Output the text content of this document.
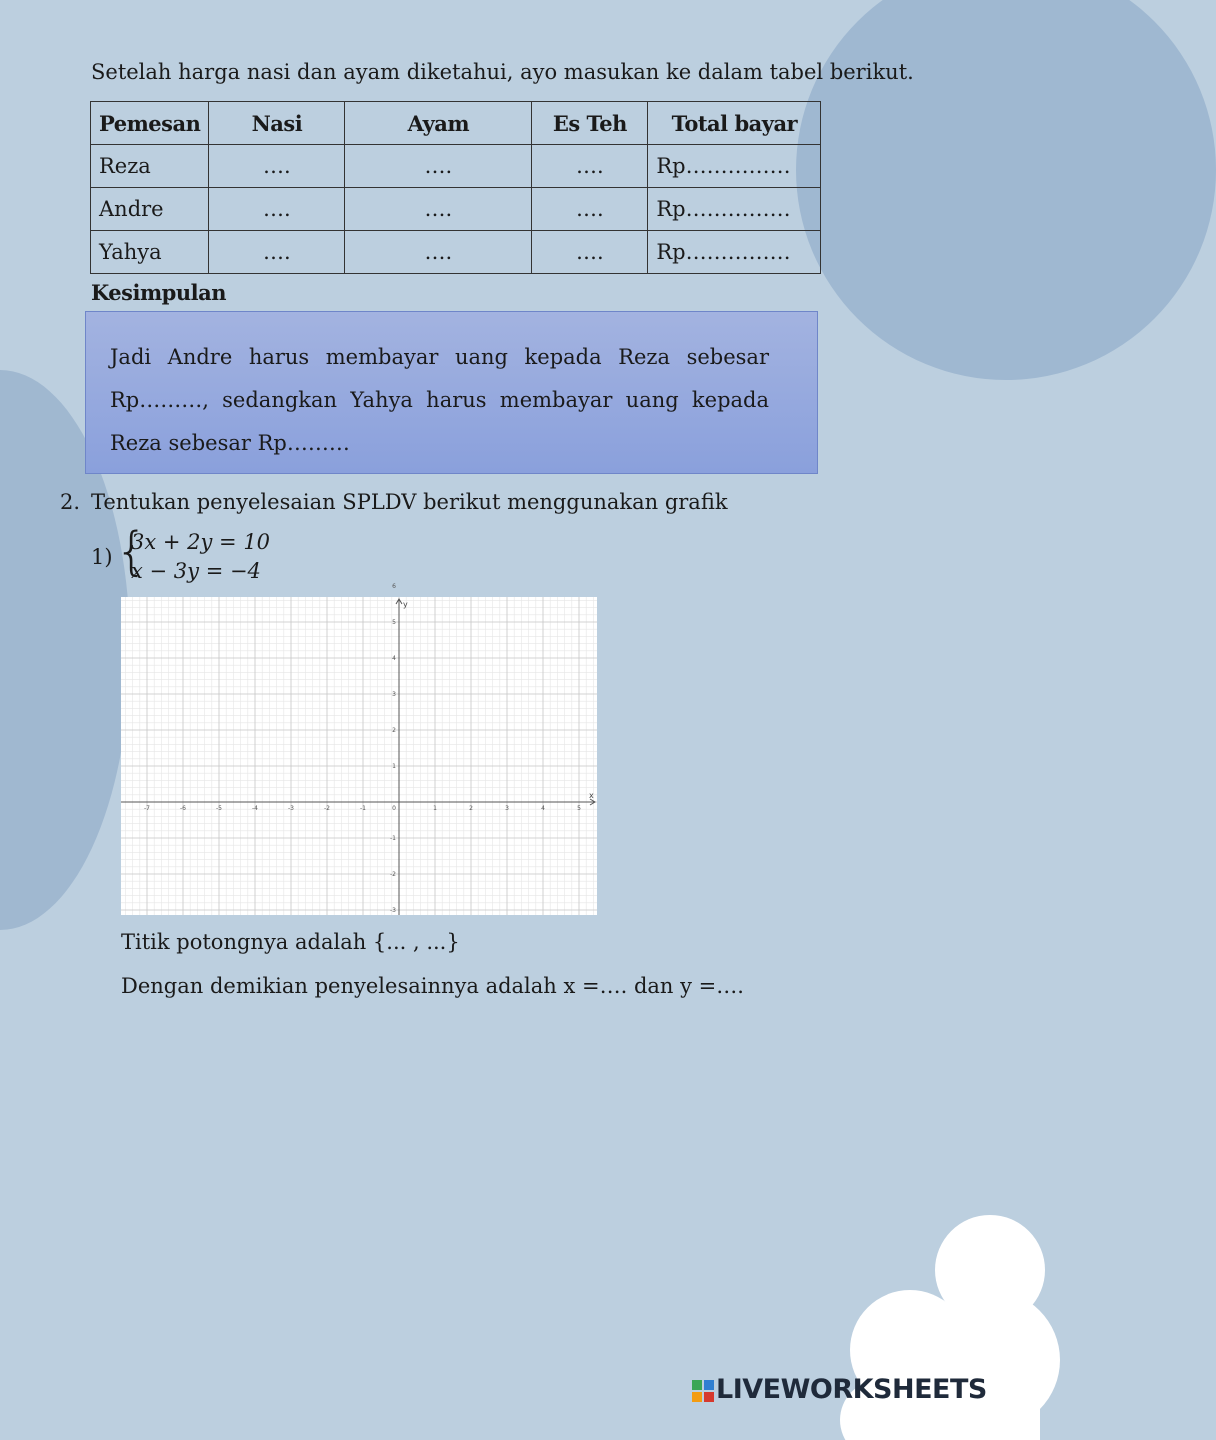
Setelah harga nasi dan ayam diketahui, ayo masukan ke dalam tabel berikut.
Pemesan	Nasi	Ayam	Es Teh	Total bayar
Reza	….	….	….	Rp……………
Andre	….	….	….	Rp……………
Yahya	….	….	….	Rp……………
Kesimpulan
Jadi Andre harus membayar uang kepada Reza sebesar Rp………, sedangkan Yahya harus membayar uang kepada Reza sebesar Rp………
2. Tentukan penyelesaian SPLDV berikut menggunakan grafik
1) {
3x + 2y = 10
x − 3y = −4
x
y
-7	-6	-5	-4	-3	-2	-1	0	1	2	3	4	5
6
5
4
3
2
1
-1
-2
-3
Titik potongnya adalah {... , ...}
Dengan demikian penyelesainnya adalah x =…. dan y =….
LIVEWORKSHEETS
